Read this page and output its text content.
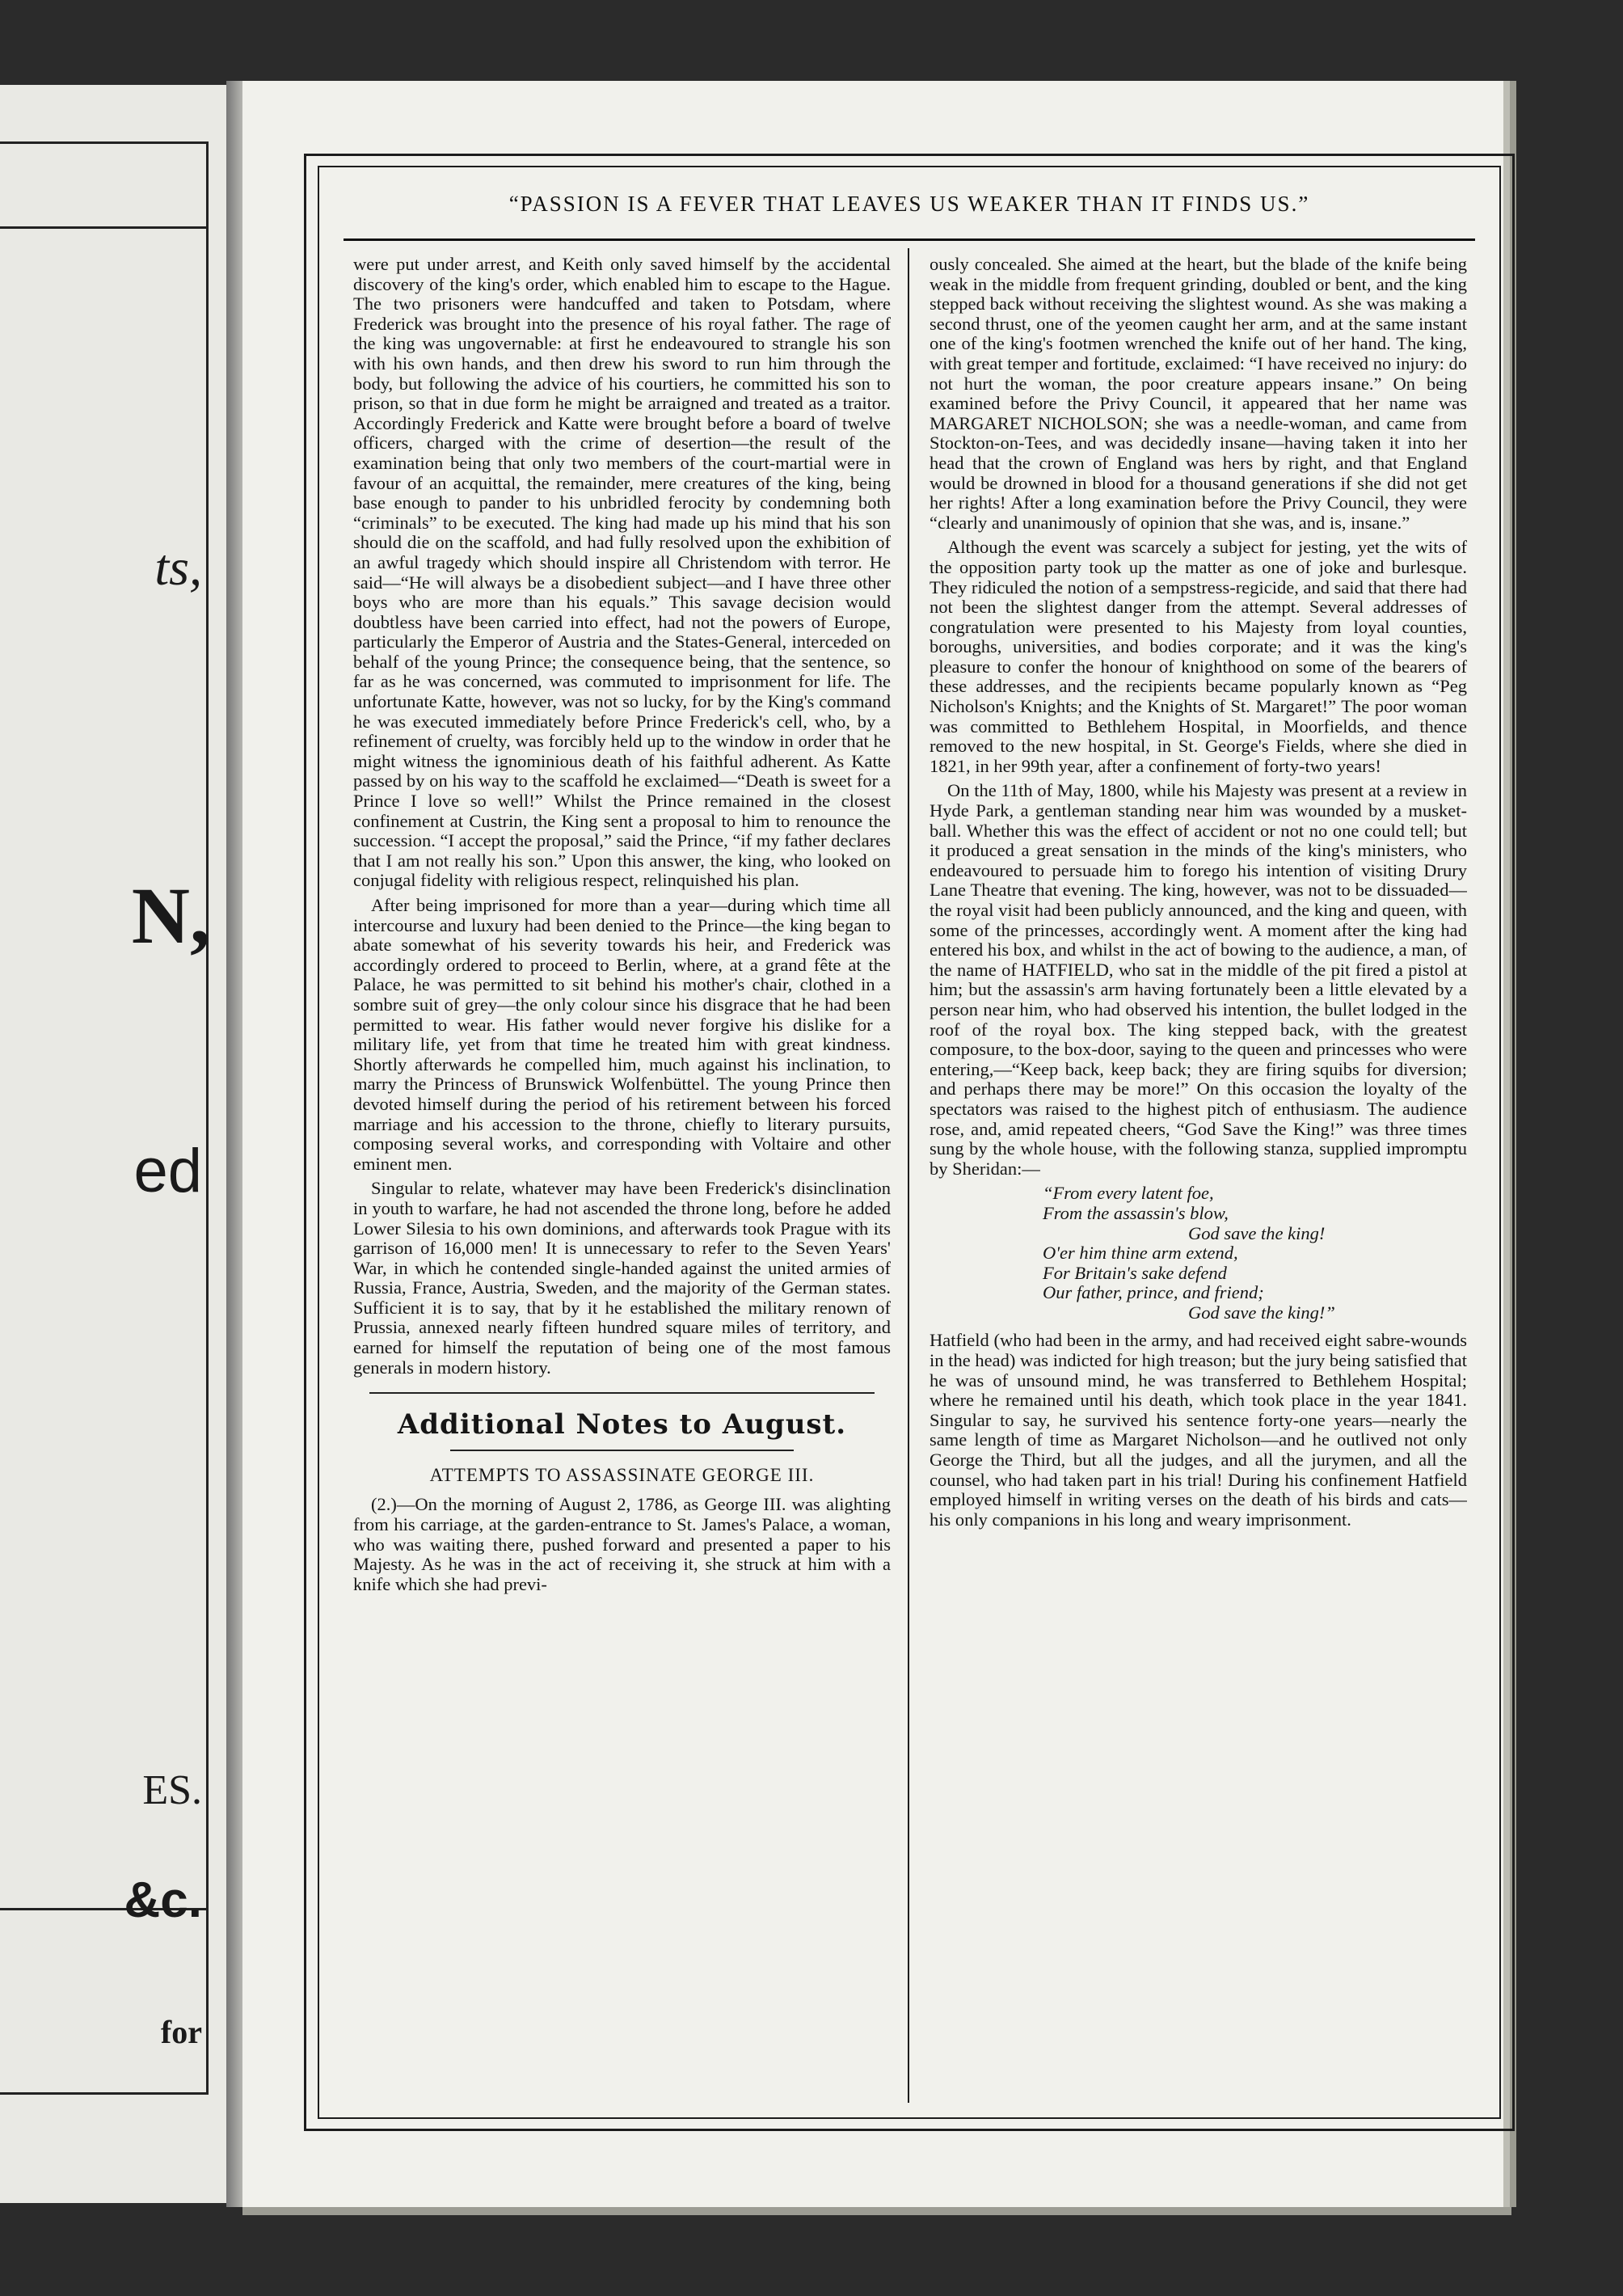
ts,
N,
ed
ES.
&c.
for
“PASSION IS A FEVER THAT LEAVES US WEAKER THAN IT FINDS US.”

were put under arrest, and Keith only saved himself by the accidental discovery of the king's order, which enabled him to escape to the Hague. The two prisoners were handcuffed and taken to Potsdam, where Frederick was brought into the presence of his royal father. The rage of the king was ungovernable: at first he endeavoured to strangle his son with his own hands, and then drew his sword to run him through the body, but following the advice of his courtiers, he committed his son to prison, so that in due form he might be arraigned and treated as a traitor. Accordingly Frederick and Katte were brought before a board of twelve officers, charged with the crime of desertion—the result of the examination being that only two members of the court-martial were in favour of an acquittal, the remainder, mere creatures of the king, being base enough to pander to his unbridled ferocity by condemning both “criminals” to be executed. The king had made up his mind that his son should die on the scaffold, and had fully resolved upon the exhibition of an awful tragedy which should inspire all Christendom with terror. He said—“He will always be a disobedient subject—and I have three other boys who are more than his equals.” This savage decision would doubtless have been carried into effect, had not the powers of Europe, particularly the Emperor of Austria and the States-General, interceded on behalf of the young Prince; the consequence being, that the sentence, so far as he was concerned, was commuted to imprisonment for life. The unfortunate Katte, however, was not so lucky, for by the King's command he was executed immediately before Prince Frederick's cell, who, by a refinement of cruelty, was forcibly held up to the window in order that he might witness the ignominious death of his faithful adherent. As Katte passed by on his way to the scaffold he exclaimed—“Death is sweet for a Prince I love so well!” Whilst the Prince remained in the closest confinement at Custrin, the King sent a proposal to him to renounce the succession. “I accept the proposal,” said the Prince, “if my father declares that I am not really his son.” Upon this answer, the king, who looked on conjugal fidelity with religious respect, relinquished his plan.

After being imprisoned for more than a year—during which time all intercourse and luxury had been denied to the Prince—the king began to abate somewhat of his severity towards his heir, and Frederick was accordingly ordered to proceed to Berlin, where, at a grand fête at the Palace, he was permitted to sit behind his mother's chair, clothed in a sombre suit of grey—the only colour since his disgrace that he had been permitted to wear. His father would never forgive his dislike for a military life, yet from that time he treated him with great kindness. Shortly afterwards he compelled him, much against his inclination, to marry the Princess of Brunswick Wolfenbüttel. The young Prince then devoted himself during the period of his retirement between his forced marriage and his accession to the throne, chiefly to literary pursuits, composing several works, and corresponding with Voltaire and other eminent men.

Singular to relate, whatever may have been Frederick's disinclination in youth to warfare, he had not ascended the throne long, before he added Lower Silesia to his own dominions, and afterwards took Prague with its garrison of 16,000 men! It is unnecessary to refer to the Seven Years' War, in which he contended single-handed against the united armies of Russia, France, Austria, Sweden, and the majority of the German states. Sufficient it is to say, that by it he established the military renown of Prussia, annexed nearly fifteen hundred square miles of territory, and earned for himself the reputation of being one of the most famous generals in modern history.

Additional Notes to August.
ATTEMPTS TO ASSASSINATE GEORGE III.

(2.)—On the morning of August 2, 1786, as George III. was alighting from his carriage, at the garden-entrance to St. James's Palace, a woman, who was waiting there, pushed forward and presented a paper to his Majesty. As he was in the act of receiving it, she struck at him with a knife which she had previ-

ously concealed. She aimed at the heart, but the blade of the knife being weak in the middle from frequent grinding, doubled or bent, and the king stepped back without receiving the slightest wound. As she was making a second thrust, one of the yeomen caught her arm, and at the same instant one of the king's footmen wrenched the knife out of her hand. The king, with great temper and fortitude, exclaimed: “I have received no injury: do not hurt the woman, the poor creature appears insane.” On being examined before the Privy Council, it appeared that her name was MARGARET NICHOLSON; she was a needle-woman, and came from Stockton-on-Tees, and was decidedly insane—having taken it into her head that the crown of England was hers by right, and that England would be drowned in blood for a thousand generations if she did not get her rights! After a long examination before the Privy Council, they were “clearly and unanimously of opinion that she was, and is, insane.”

Although the event was scarcely a subject for jesting, yet the wits of the opposition party took up the matter as one of joke and burlesque. They ridiculed the notion of a sempstress-regicide, and said that there had not been the slightest danger from the attempt. Several addresses of congratulation were presented to his Majesty from loyal counties, boroughs, universities, and bodies corporate; and it was the king's pleasure to confer the honour of knighthood on some of the bearers of these addresses, and the recipients became popularly known as “Peg Nicholson's Knights; and the Knights of St. Margaret!” The poor woman was committed to Bethlehem Hospital, in Moorfields, and thence removed to the new hospital, in St. George's Fields, where she died in 1821, in her 99th year, after a confinement of forty-two years!

On the 11th of May, 1800, while his Majesty was present at a review in Hyde Park, a gentleman standing near him was wounded by a musket-ball. Whether this was the effect of accident or not no one could tell; but it produced a great sensation in the minds of the king's ministers, who endeavoured to persuade him to forego his intention of visiting Drury Lane Theatre that evening. The king, however, was not to be dissuaded—the royal visit had been publicly announced, and the king and queen, with some of the princesses, accordingly went. A moment after the king had entered his box, and whilst in the act of bowing to the audience, a man, of the name of HATFIELD, who sat in the middle of the pit fired a pistol at him; but the assassin's arm having fortunately been a little elevated by a person near him, who had observed his intention, the bullet lodged in the roof of the royal box. The king stepped back, with the greatest composure, to the box-door, saying to the queen and princesses who were entering,—“Keep back, keep back; they are firing squibs for diversion; and perhaps there may be more!” On this occasion the loyalty of the spectators was raised to the highest pitch of enthusiasm. The audience rose, and, amid repeated cheers, “God Save the King!” was three times sung by the whole house, with the following stanza, supplied impromptu by Sheridan:—

“From every latent foe,
From the assassin's blow,
God save the king!
O'er him thine arm extend,
For Britain's sake defend
Our father, prince, and friend;
God save the king!”

Hatfield (who had been in the army, and had received eight sabre-wounds in the head) was indicted for high treason; but the jury being satisfied that he was of unsound mind, he was transferred to Bethlehem Hospital; where he remained until his death, which took place in the year 1841. Singular to say, he survived his sentence forty-one years—nearly the same length of time as Margaret Nicholson—and he outlived not only George the Third, but all the judges, and all the jurymen, and all the counsel, who had taken part in his trial! During his confinement Hatfield employed himself in writing verses on the death of his birds and cats—his only companions in his long and weary imprisonment.
